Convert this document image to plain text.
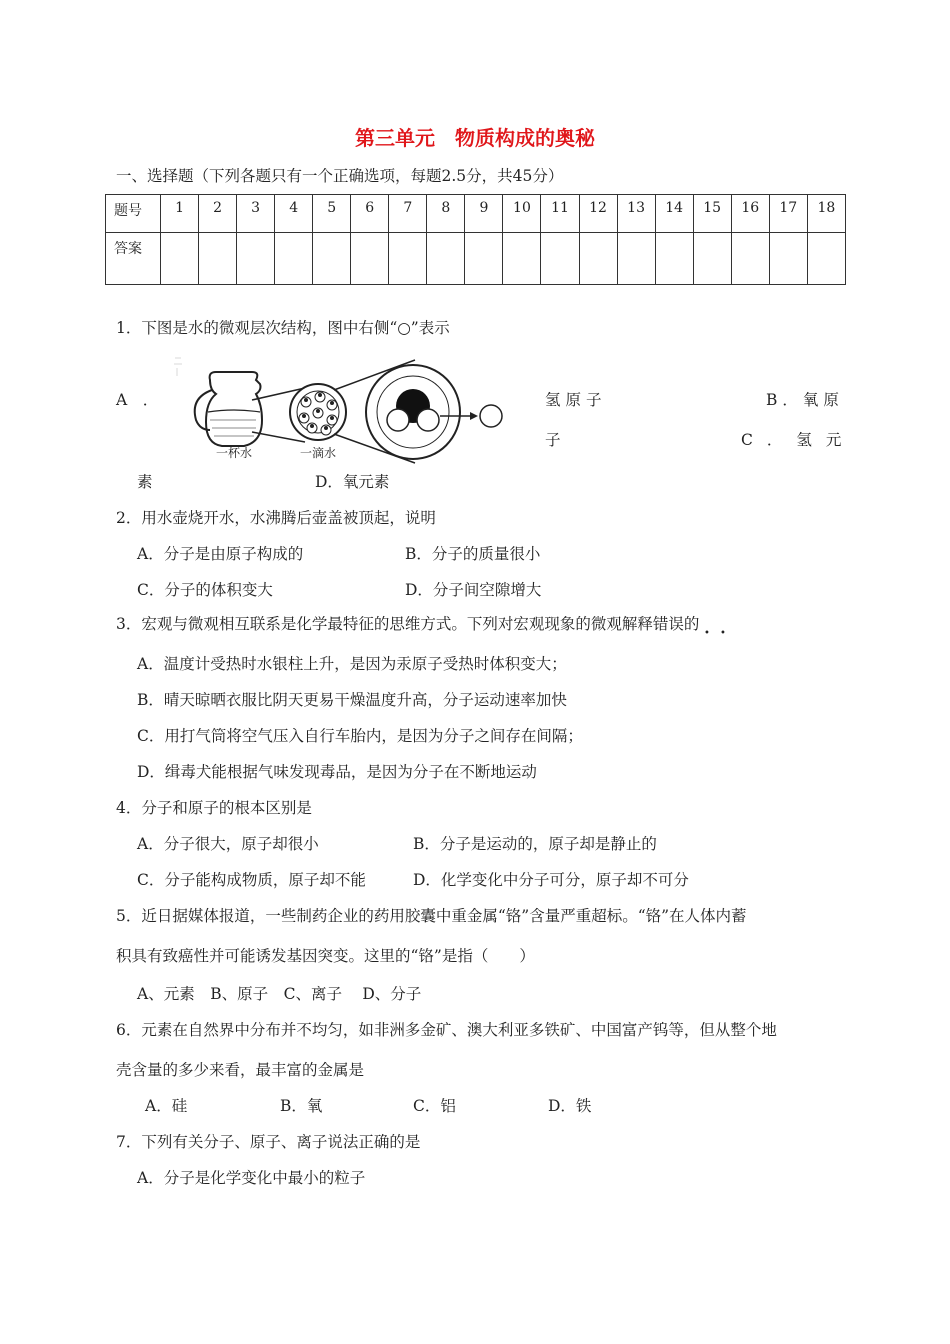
第三单元　物质构成的奥秘
一、选择题（下列各题只有一个正确选项，每题2.5分，共45分）
题号	1	2	3	4	5	6	7	8	9	10	11	12	13	14	15	16	17	18
答案																		
1．下图是水的微观层次结构，图中右侧“○”表示
A　．
一杯水	一滴水
氢原子	B．氧原
子	C．氢元
素	D．氧元素
2．用水壶烧开水，水沸腾后壶盖被顶起，说明
A．分子是由原子构成的	B．分子的质量很小
C．分子的体积变大	D．分子间空隙增大
3．宏观与微观相互联系是化学最特征的思维方式。下列对宏观现象的微观解释错误的
• •
A．温度计受热时水银柱上升，是因为汞原子受热时体积变大；
B．晴天晾晒衣服比阴天更易干燥温度升高，分子运动速率加快
C．用打气筒将空气压入自行车胎内，是因为分子之间存在间隔；
D．缉毒犬能根据气味发现毒品，是因为分子在不断地运动
4．分子和原子的根本区别是
A．分子很大，原子却很小	B．分子是运动的，原子却是静止的
C．分子能构成物质，原子却不能	D．化学变化中分子可分，原子却不可分
5．近日据媒体报道，一些制药企业的药用胶囊中重金属“铬”含量严重超标。“铬”在人体内蓄
积具有致癌性并可能诱发基因突变。这里的“铬”是指（　　）
A、元素　B、原子　C、离子　 D、分子
6．元素在自然界中分布并不均匀，如非洲多金矿、澳大利亚多铁矿、中国富产钨等，但从整个地
壳含量的多少来看，最丰富的金属是
A．硅	B．氧	C．铝	D．铁
7．下列有关分子、原子、离子说法正确的是
A．分子是化学变化中最小的粒子
